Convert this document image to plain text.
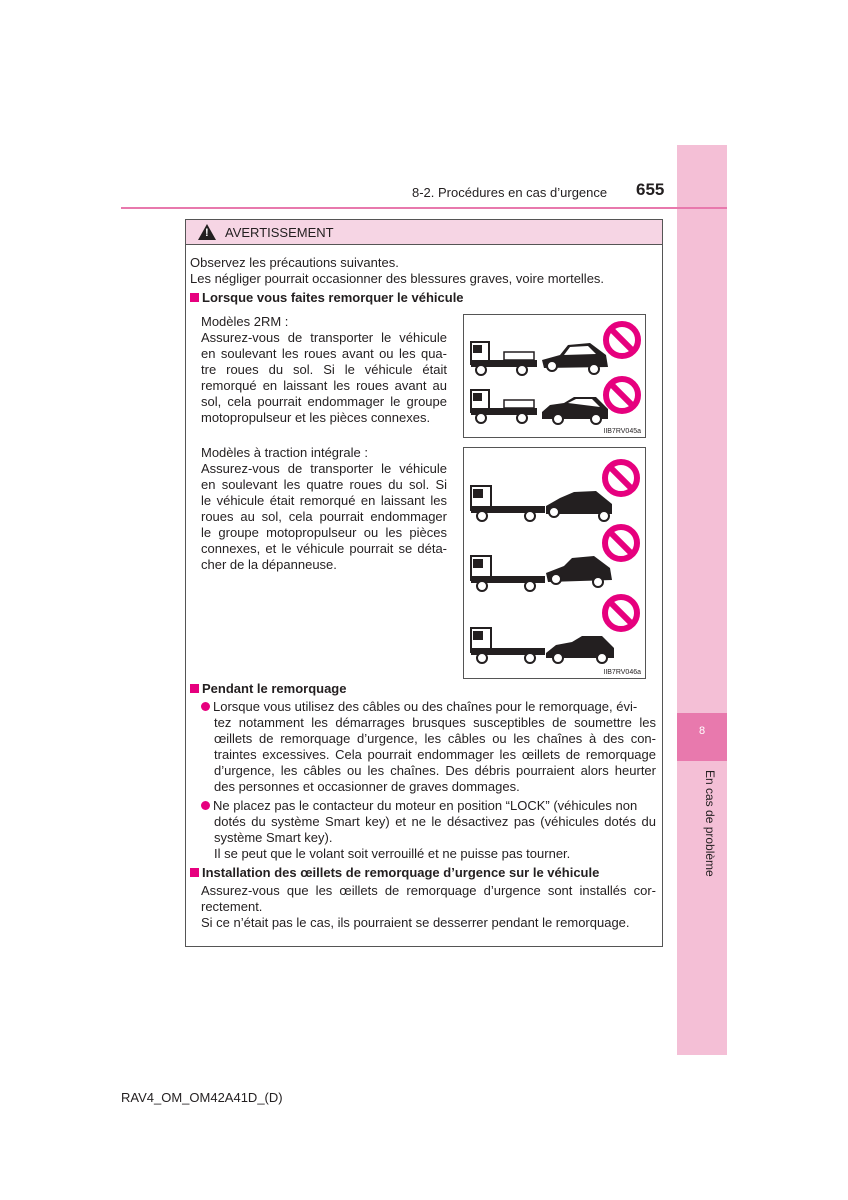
8
En cas de problème
8-2. Procédures en cas d’urgence 655
! AVERTISSEMENT
Observez les précautions suivantes.
Les négliger pourrait occasionner des blessures graves, voire mortelles.
Lorsque vous faites remorquer le véhicule
Modèles 2RM :
Assurez-vous de transporter le véhicule
en soulevant les roues avant ou les qua-
tre roues du sol. Si le véhicule était
remorqué en laissant les roues avant au
sol, cela pourrait endommager le groupe
motopropulseur et les pièces connexes.
IIB7RV045a
Modèles à traction intégrale :
Assurez-vous de transporter le véhicule
en soulevant les quatre roues du sol. Si
le véhicule était remorqué en laissant les
roues au sol, cela pourrait endommager
le groupe motopropulseur ou les pièces
connexes, et le véhicule pourrait se déta-
cher de la dépanneuse.
IIB7RV046a
Pendant le remorquage
Lorsque vous utilisez des câbles ou des chaînes pour le remorquage, évi-
tez notamment les démarrages brusques susceptibles de soumettre les
œillets de remorquage d’urgence, les câbles ou les chaînes à des con-
traintes excessives. Cela pourrait endommager les œillets de remorquage
d’urgence, les câbles ou les chaînes. Des débris pourraient alors heurter
des personnes et occasionner de graves dommages.
Ne placez pas le contacteur du moteur en position “LOCK” (véhicules non
dotés du système Smart key) et ne le désactivez pas (véhicules dotés du
système Smart key).
Il se peut que le volant soit verrouillé et ne puisse pas tourner.
Installation des œillets de remorquage d’urgence sur le véhicule
Assurez-vous que les œillets de remorquage d’urgence sont installés cor-
rectement.
Si ce n’était pas le cas, ils pourraient se desserrer pendant le remorquage.
RAV4_OM_OM42A41D_(D)
